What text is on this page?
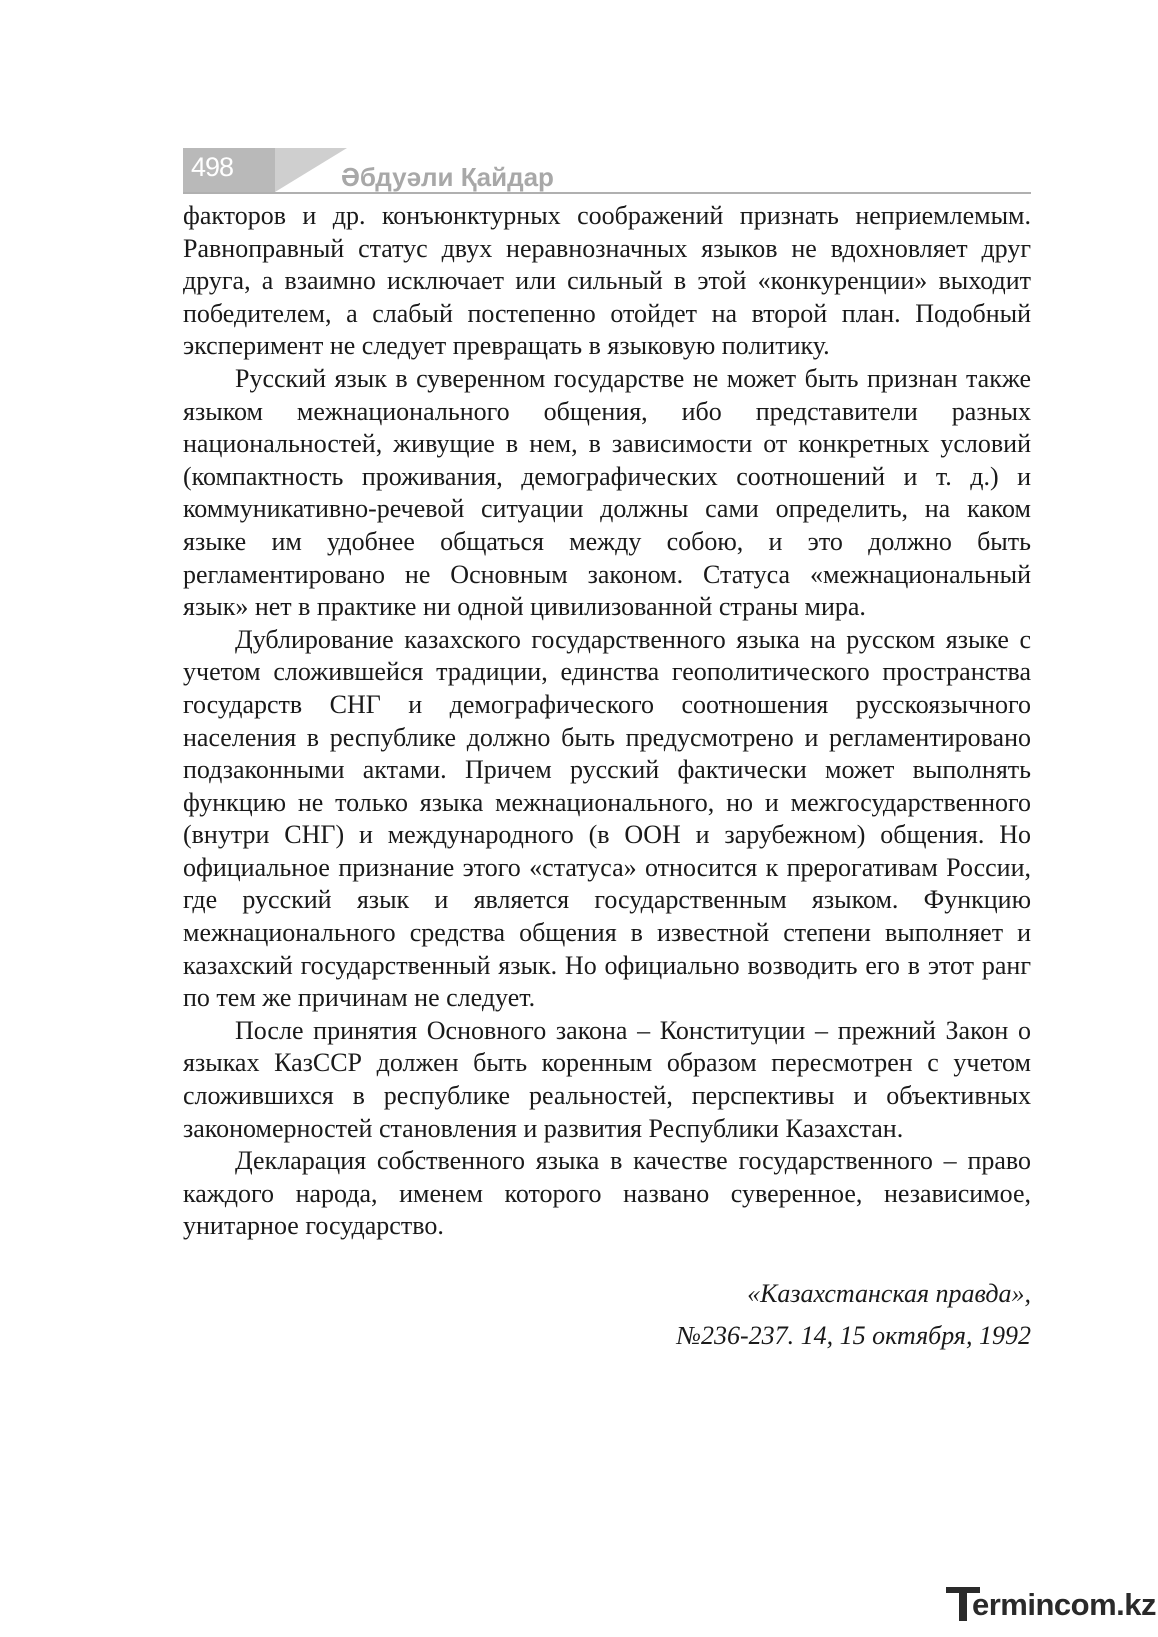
498	Әбдуәли Қайдар

факторов и др. конъюнктурных соображений признать неприемлемым. Равноправный статус двух неравнозначных языков не вдохновляет друг друга, а взаимно исключает или сильный в этой «конкуренции» выходит победителем, а слабый постепенно отойдет на второй план. Подобный эксперимент не следует превращать в языковую политику.

Русский язык в суверенном государстве не может быть признан также языком межнационального общения, ибо представители разных национальностей, живущие в нем, в зависимости от конкретных условий (компактность проживания, демографических соотношений и т. д.) и коммуникативно-речевой ситуации должны сами определить, на каком языке им удобнее общаться между собою, и это должно быть регламентировано не Основным законом. Статуса «межнациональный язык» нет в практике ни одной цивилизованной страны мира.

Дублирование казахского государственного языка на русском языке с учетом сложившейся традиции, единства геополитического пространства государств СНГ и демографического соотношения русскоязычного населения в республике должно быть предусмотрено и регламентировано подзаконными актами. Причем русский фактически может выполнять функцию не только языка межнационального, но и межгосударственного (внутри СНГ) и международного (в ООН и зарубежном) общения. Но официальное признание этого «статуса» относится к прерогативам России, где русский язык и является государственным языком. Функцию межнационального средства общения в известной степени выполняет и казахский государственный язык. Но официально возводить его в этот ранг по тем же причинам не следует.

После принятия Основного закона – Конституции – прежний Закон о языках КазССР должен быть коренным образом пересмотрен с учетом сложившихся в республике реальностей, перспективы и объективных закономерностей становления и развития Республики Казахстан.

Декларация собственного языка в качестве государственного – право каждого народа, именем которого названо суверенное, независимое, унитарное государство.

«Казахстанская правда»,
№236-237. 14, 15 октября, 1992
ermincom.kz
